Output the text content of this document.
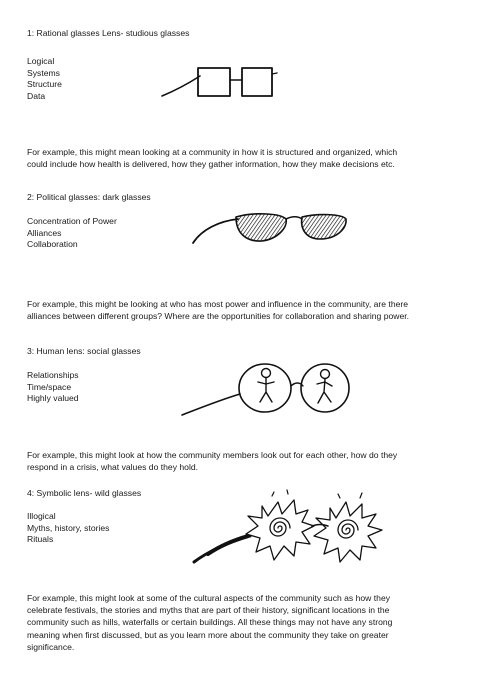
1: Rational glasses Lens- studious glasses

Logical
Systems
Structure
Data

For example, this might mean looking at a community in how it is structured and organized, which
could include how health is delivered, how they gather information, how they make decisions etc.

2: Political glasses: dark glasses

Concentration of Power
Alliances
Collaboration

For example, this might be looking at who has most power and influence in the community, are there
alliances between different groups? Where are the opportunities for collaboration and sharing power.

3: Human lens: social glasses

Relationships
Time/space
Highly valued

For example, this might look at how the community members look out for each other, how do they
respond in a crisis, what values do they hold.

4: Symbolic lens- wild glasses

Illogical
Myths, history, stories
Rituals

For example, this might look at some of the cultural aspects of the community such as how they
celebrate festivals, the stories and myths that are part of their history, significant locations in the
community such as hills, waterfalls or certain buildings. All these things may not have any strong
meaning when first discussed, but as you learn more about the community they take on greater
significance.
